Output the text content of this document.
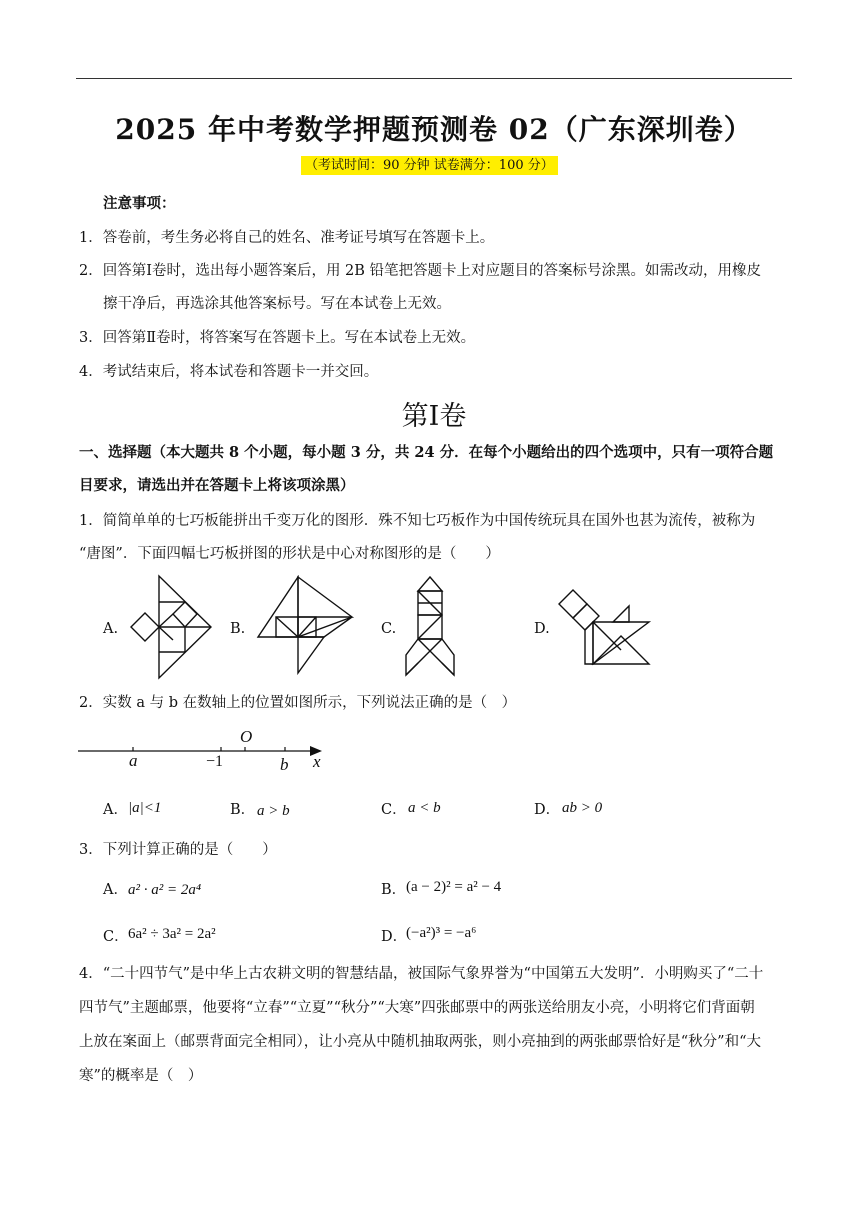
2025 年中考数学押题预测卷 02（广东深圳卷）
（考试时间：90 分钟 试卷满分：100 分）
注意事项：
1．答卷前，考生务必将自己的姓名、准考证号填写在答题卡上。
2．回答第Ⅰ卷时，选出每小题答案后，用 2B 铅笔把答题卡上对应题目的答案标号涂黑。如需改动，用橡皮
擦干净后，再选涂其他答案标号。写在本试卷上无效。
3．回答第Ⅱ卷时，将答案写在答题卡上。写在本试卷上无效。
4．考试结束后，将本试卷和答题卡一并交回。
第Ⅰ卷
一、选择题（本大题共 8 个小题，每小题 3 分，共 24 分．在每个小题给出的四个选项中，只有一项符合题
目要求，请选出并在答题卡上将该项涂黑）
1．简简单单的七巧板能拼出千变万化的图形．殊不知七巧板作为中国传统玩具在国外也甚为流传，被称为
“唐图”．下面四幅七巧板拼图的形状是中心对称图形的是（　　）
A.	B.	C.	D.
2．实数 a 与 b 在数轴上的位置如图所示，下列说法正确的是（　）
O
a	−1	b x
A． |a|<1	B． a > b	C． a < b	D． ab > 0
3．下列计算正确的是（　　）
A． a² · a² = 2a⁴	B． (a − 2)² = a² − 4
C． 6a² ÷ 3a² = 2a²	D．
(−a²)³ = −a⁶
4．“二十四节气”是中华上古农耕文明的智慧结晶，被国际气象界誉为“中国第五大发明”．小明购买了“二十
四节气”主题邮票，他要将“立春”“立夏”“秋分”“大寒”四张邮票中的两张送给朋友小亮，小明将它们背面朝
上放在案面上（邮票背面完全相同），让小亮从中随机抽取两张，则小亮抽到的两张邮票恰好是“秋分”和“大
寒”的概率是（　）
